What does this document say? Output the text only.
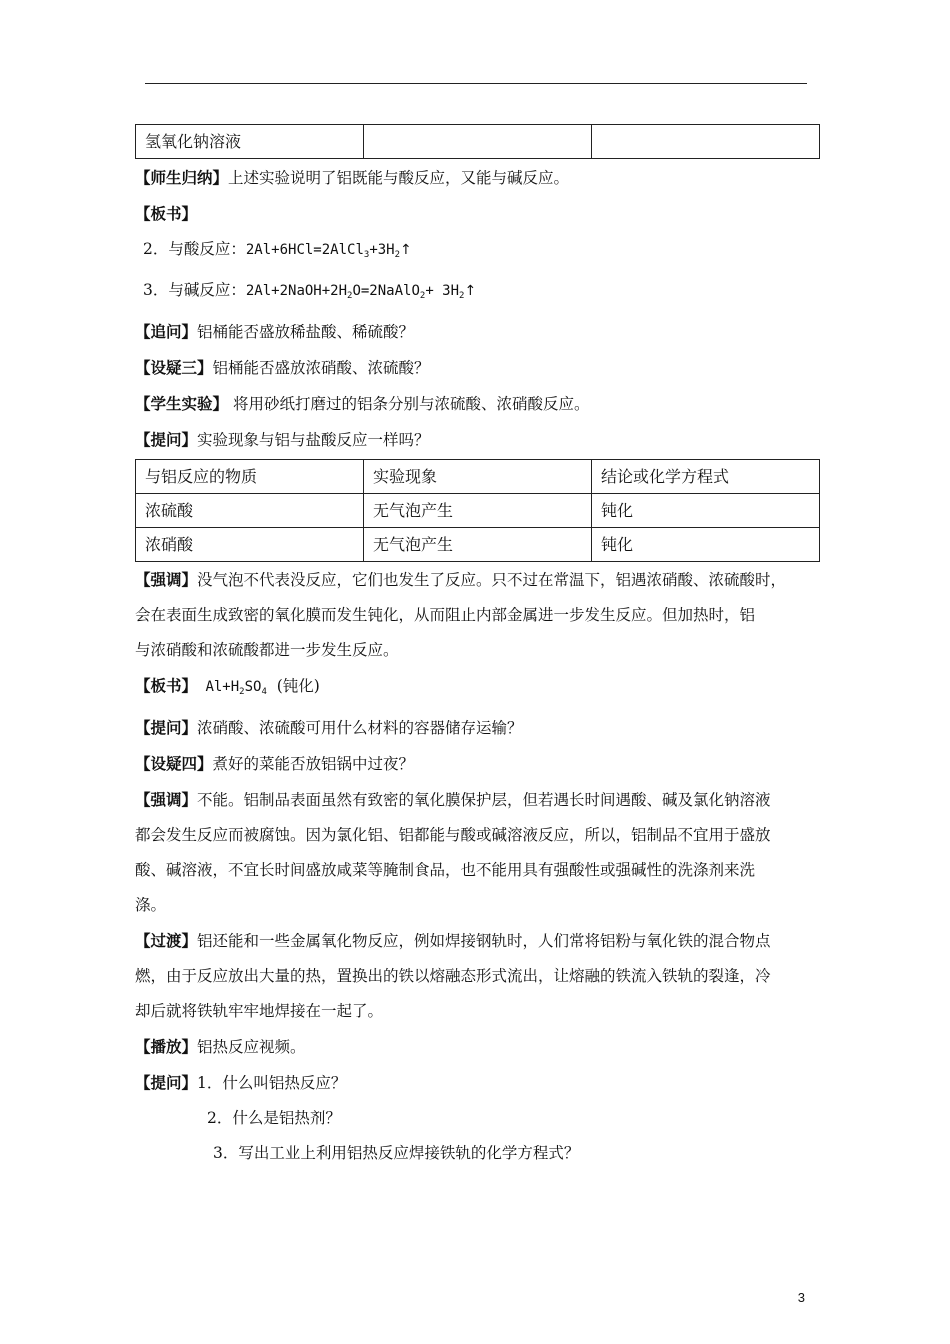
氢氧化钠溶液		

【师生归纳】上述实验说明了铝既能与酸反应，又能与碱反应。

【板书】

2．与酸反应：$2Al+6HCl=2AlCl_3+3H_2↑$

3．与碱反应：$2Al+2NaOH+2H_2O=2NaAlO_2+$ $3H_2↑$

【追问】铝桶能否盛放稀盐酸、稀硫酸？

【设疑三】铝桶能否盛放浓硝酸、浓硫酸？

【学生实验】 将用砂纸打磨过的铝条分别与浓硫酸、浓硝酸反应。

【提问】实验现象与铝与盐酸反应一样吗？

与铝反应的物质	实验现象	结论或化学方程式
浓硫酸	无气泡产生	钝化
浓硝酸	无气泡产生	钝化

【强调】没气泡不代表没反应，它们也发生了反应。只不过在常温下，铝遇浓硝酸、浓硫酸时，

会在表面生成致密的氧化膜而发生钝化，从而阻止内部金属进一步发生反应。但加热时，铝

与浓硝酸和浓硫酸都进一步发生反应。

【板书】 $Al+H_2SO_4$  (钝化)

【提问】浓硝酸、浓硫酸可用什么材料的容器储存运输？

【设疑四】煮好的菜能否放铝锅中过夜？

【强调】不能。铝制品表面虽然有致密的氧化膜保护层，但若遇长时间遇酸、碱及氯化钠溶液

都会发生反应而被腐蚀。因为氯化铝、铝都能与酸或碱溶液反应，所以，铝制品不宜用于盛放

酸、碱溶液，不宜长时间盛放咸菜等腌制食品，也不能用具有强酸性或强碱性的洗涤剂来洗

涤。

【过渡】铝还能和一些金属氧化物反应，例如焊接钢轨时，人们常将铝粉与氧化铁的混合物点

燃，由于反应放出大量的热，置换出的铁以熔融态形式流出，让熔融的铁流入铁轨的裂逢，冷

却后就将铁轨牢牢地焊接在一起了。

【播放】铝热反应视频。

【提问】1．什么叫铝热反应？

2．什么是铝热剂？

3．写出工业上利用铝热反应焊接铁轨的化学方程式？

3
